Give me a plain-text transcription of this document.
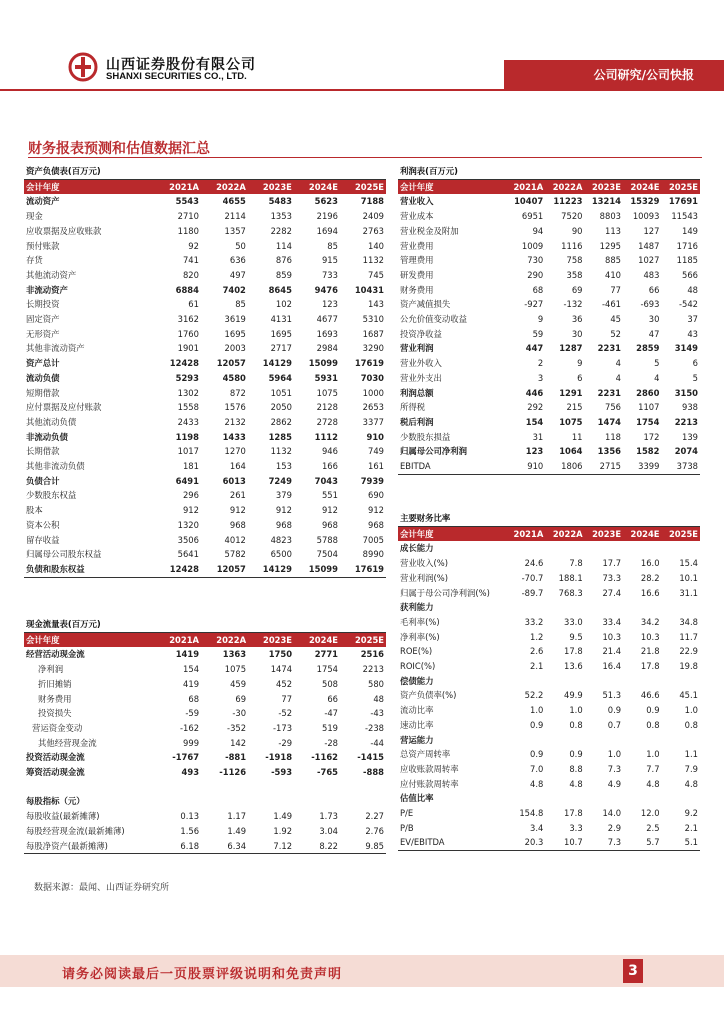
山西证券股份有限公司
SHANXI SECURITIES CO., LTD.	公司研究/公司快报
财务报表预测和估值数据汇总
资产负债表(百万元)					
会计年度	2021A	2022A	2023E	2024E	2025E
流动资产	5543	4655	5483	5623	7188
现金	2710	2114	1353	2196	2409
应收票据及应收账款	1180	1357	2282	1694	2763
预付账款	92	50	114	85	140
存货	741	636	876	915	1132
其他流动资产	820	497	859	733	745
非流动资产	6884	7402	8645	9476	10431
长期投资	61	85	102	123	143
固定资产	3162	3619	4131	4677	5310
无形资产	1760	1695	1695	1693	1687
其他非流动资产	1901	2003	2717	2984	3290
资产总计	12428	12057	14129	15099	17619
流动负债	5293	4580	5964	5931	7030
短期借款	1302	872	1051	1075	1000
应付票据及应付账款	1558	1576	2050	2128	2653
其他流动负债	2433	2132	2862	2728	3377
非流动负债	1198	1433	1285	1112	910
长期借款	1017	1270	1132	946	749
其他非流动负债	181	164	153	166	161
负债合计	6491	6013	7249	7043	7939
少数股东权益	296	261	379	551	690
股本	912	912	912	912	912
资本公积	1320	968	968	968	968
留存收益	3506	4012	4823	5788	7005
归属母公司股东权益	5641	5782	6500	7504	8990
负债和股东权益	12428	12057	14129	15099	17619
现金流量表(百万元)					
会计年度	2021A	2022A	2023E	2024E	2025E
经营活动现金流	1419	1363	1750	2771	2516
净利润	154	1075	1474	1754	2213
折旧摊销	419	459	452	508	580
财务费用	68	69	77	66	48
投资损失	-59	-30	-52	-47	-43
营运资金变动	-162	-352	-173	519	-238
其他经营现金流	999	142	-29	-28	-44
投资活动现金流	-1767	-881	-1918	-1162	-1415
筹资活动现金流	493	-1126	-593	-765	-888

每股指标（元）					
每股收益(最新摊薄)	0.13	1.17	1.49	1.73	2.27
每股经营现金流(最新摊薄)	1.56	1.49	1.92	3.04	2.76
每股净资产(最新摊薄)	6.18	6.34	7.12	8.22	9.85
利润表(百万元)					
会计年度	2021A	2022A	2023E	2024E	2025E
营业收入	10407	11223	13214	15329	17691
营业成本	6951	7520	8803	10093	11543
营业税金及附加	94	90	113	127	149
营业费用	1009	1116	1295	1487	1716
管理费用	730	758	885	1027	1185
研发费用	290	358	410	483	566
财务费用	68	69	77	66	48
资产减值损失	-927	-132	-461	-693	-542
公允价值变动收益	9	36	45	30	37
投资净收益	59	30	52	47	43
营业利润	447	1287	2231	2859	3149
营业外收入	2	9	4	5	6
营业外支出	3	6	4	4	5
利润总额	446	1291	2231	2860	3150
所得税	292	215	756	1107	938
税后利润	154	1075	1474	1754	2213
少数股东损益	31	11	118	172	139
归属母公司净利润	123	1064	1356	1582	2074
EBITDA	910	1806	2715	3399	3738
主要财务比率					
会计年度	2021A	2022A	2023E	2024E	2025E
成长能力					
营业收入(%)	24.6	7.8	17.7	16.0	15.4
营业利润(%)	-70.7	188.1	73.3	28.2	10.1
归属于母公司净利润(%)	-89.7	768.3	27.4	16.6	31.1
获利能力					
毛利率(%)	33.2	33.0	33.4	34.2	34.8
净利率(%)	1.2	9.5	10.3	10.3	11.7
ROE(%)	2.6	17.8	21.4	21.8	22.9
ROIC(%)	2.1	13.6	16.4	17.8	19.8
偿债能力					
资产负债率(%)	52.2	49.9	51.3	46.6	45.1
流动比率	1.0	1.0	0.9	0.9	1.0
速动比率	0.9	0.8	0.7	0.8	0.8
营运能力					
总资产周转率	0.9	0.9	1.0	1.0	1.1
应收账款周转率	7.0	8.8	7.3	7.7	7.9
应付账款周转率	4.8	4.8	4.9	4.8	4.8
估值比率					
P/E	154.8	17.8	14.0	12.0	9.2
P/B	3.4	3.3	2.9	2.5	2.1
EV/EBITDA	20.3	10.7	7.3	5.7	5.1
数据来源：最闻、山西证券研究所
请务必阅读最后一页股票评级说明和免责声明	3
